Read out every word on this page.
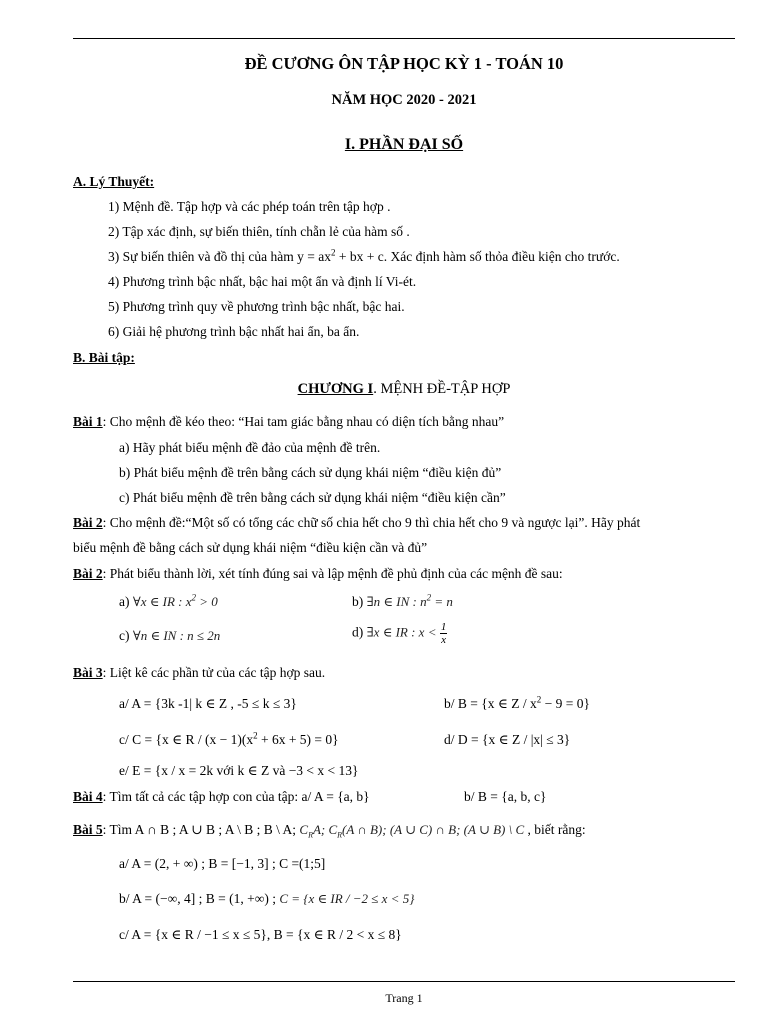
ĐỀ CƯƠNG ÔN TẬP HỌC KỲ 1 - TOÁN 10
NĂM HỌC 2020 - 2021
I. PHẦN ĐẠI SỐ
A. Lý Thuyết:
1) Mệnh đề. Tập hợp và các phép toán trên tập hợp .
2) Tập xác định, sự biến thiên, tính chẵn lẻ của hàm số .
3) Sự biến thiên và đồ thị của hàm $y = ax^2$ + bx + c. Xác định hàm số thỏa điều kiện cho trước.
4) Phương trình bậc nhất, bậc hai một ẩn và định lí Vi-ét.
5) Phương trình quy về phương trình bậc nhất, bậc hai.
6) Giải hệ phương trình bậc nhất hai ẩn, ba ẩn.
B. Bài tập:
CHƯƠNG I. MỆNH ĐỀ-TẬP HỢP
Bài 1: Cho mệnh đề kéo theo: “Hai tam giác bằng nhau có diện tích bằng nhau”
a) Hãy phát biểu mệnh đề đảo của mệnh đề trên.
b) Phát biểu mệnh đề trên bằng cách sử dụng khái niệm “điều kiện đủ”
c) Phát biểu mệnh đề trên bằng cách sử dụng khái niệm “điều kiện cần”
Bài 2: Cho mệnh đề:“Một số có tổng các chữ số chia hết cho 9 thì chia hết cho 9 và ngược lại”. Hãy phát
biểu mệnh đề bằng cách sử dụng khái niệm “điều kiện cần và đủ”
Bài 2: Phát biểu thành lời, xét tính đúng sai và lập mệnh đề phủ định của các mệnh đề sau:
a) ∀x ∈ IR : $x^2 > 0$	b) ∃n ∈ IN : $n^2 = n$
c) ∀n ∈ IN : n ≤ 2n	d) ∃x ∈ IR : $x < \frac{1}{x}$
Bài 3: Liệt kê các phần tử của các tập hợp sau.
a/ A = {3k -1| k ∈ Z , -5 ≤ k ≤ 3}	b/ B = {x ∈ $Z / x^2 - 9 = 0$}
c/ C = {x ∈ $R / (x - 1)(x^2 + 6x + 5) = 0$}	d/ D = {x ∈ Z / |x| ≤ 3}
e/ E = {x / x = 2k với k ∈ Z và −3 < x < 13}
Bài 4: Tìm tất cả các tập hợp con của tập: a/ A = {a, b}	b/ B = {a, b, c}
Bài 5: Tìm A ∩ B ; A ∪ B ; A \ B ; B \ A; $C_RA$; $C_R(A$ ∩ B); (A ∪ C) ∩ B; (A ∪ B) \ C , biết rằng:
a/ A = (2, + ∞) ; B = [−1, 3] ; C =(1;5]
b/ A = (−∞, 4] ; B = (1, +∞) ; C = {x ∈ IR / −2 ≤ x < 5}
c/ A = {x ∈ R / −1 ≤ x ≤ 5}, B = {x ∈ R / 2 < x ≤ 8}
Trang 1
